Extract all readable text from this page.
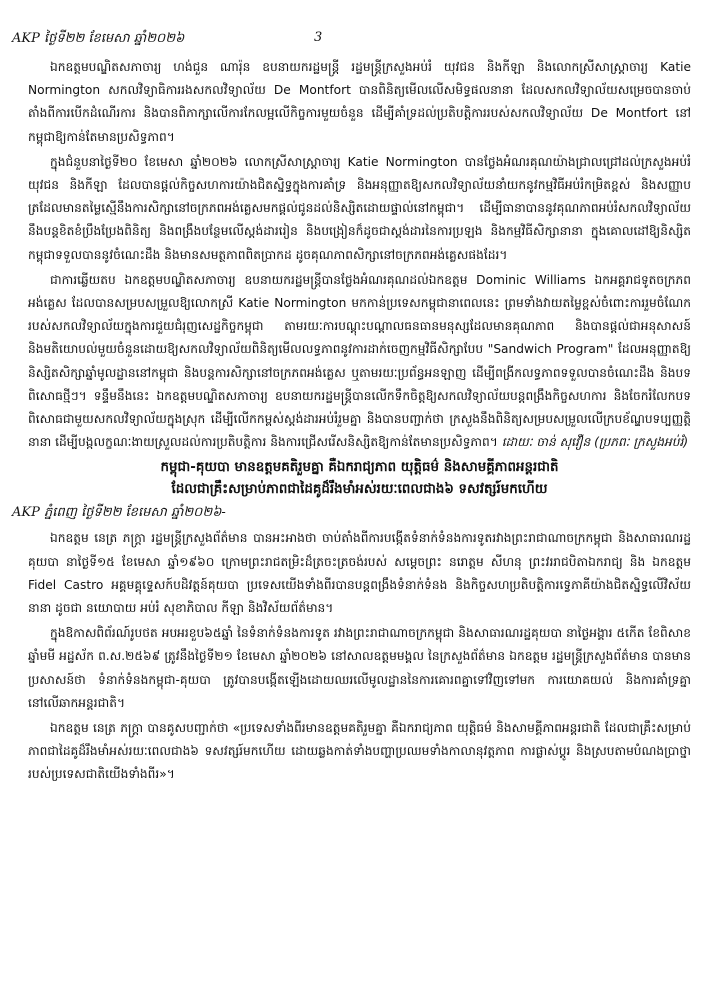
AKP ថ្ងៃទី២២ ខែមេសា ឆ្នាំ២០២៦	3

ឯកឧត្តមបណ្ឌិតសភាចារ្យ ហង់ជួន ណារ៉ុន ឧបនាយករដ្ឋមន្ត្រី រដ្ឋមន្ត្រីក្រសួងអប់រំ យុវជន និងកីឡា និងលោកស្រីសាស្ត្រាចារ្យ Katie Normington សកលវិទ្យាធិការរងសកលវិទ្យាល័យ De Montfort បានពិនិត្យមើលលើសមិទ្ធផលនានា ដែលសកលវិទ្យាល័យសម្រេចបានចាប់តាំងពីការបើកដំណើរការ និងបានពិភាក្សាលើការកែលម្អលើកិច្ចការមួយចំនួន ដើម្បីគាំទ្រដល់ប្រតិបត្តិការរបស់សកលវិទ្យាល័យ De Montfort នៅកម្ពុជាឱ្យកាន់តែមានប្រសិទ្ធភាព។

ក្នុងជំនួបនាថ្ងៃទី២០ ខែមេសា ឆ្នាំ២០២៦ លោកស្រីសាស្ត្រាចារ្យ Katie Normington បានថ្លែងអំណរគុណយ៉ាងជ្រាលជ្រៅដល់ក្រសួងអប់រំ យុវជន និងកីឡា ដែលបានផ្តល់កិច្ចសហការយ៉ាងជិតស្និទ្ធក្នុងការគាំទ្រ និងអនុញ្ញាតឱ្យសកលវិទ្យាល័យនាំយកនូវកម្មវិធីអប់រំកម្រិតខ្ពស់ និងសញ្ញាបត្រដែលមានតម្លៃស្មើនឹងការសិក្សានៅចក្រភពអង់គ្លេសមកផ្តល់ជូនដល់និស្សិតដោយផ្ទាល់នៅកម្ពុជា។ ដើម្បីធានាបាននូវគុណភាពអប់រំសកលវិទ្យាល័យនឹងបន្តខិតខំប្រឹងប្រែងពិនិត្យ និងពង្រឹងបន្ថែមលើស្ដង់ដាររៀន និងបង្រៀនក៏ដូចជាស្តង់ដារនៃការប្រឡង និងកម្មវិធីសិក្សានានា ក្នុងគោលដៅឱ្យនិស្សិតកម្ពុជាទទួលបាននូវចំណេះដឹង និងមានសមត្ថភាពពិតប្រាកដ ដូចគុណភាពសិក្សានៅចក្រភពអង់គ្លេសផងដែរ។

ជាការឆ្លើយតប ឯកឧត្តមបណ្ឌិតសភាចារ្យ ឧបនាយករដ្ឋមន្ត្រីបានថ្លែងអំណរគុណដល់ឯកឧត្តម Dominic Williams ឯកអគ្គរាជទូតចក្រភពអង់គ្លេស ដែលបានសម្របសម្រួលឱ្យលោកស្រី Katie Normington មកកាន់ប្រទេសកម្ពុជានាពេលនេះ ព្រមទាំងវាយតម្លៃខ្ពស់ចំពោះការរួមចំណែករបស់សកលវិទ្យាល័យក្នុងការជួយជំរុញសេដ្ឋកិច្ចកម្ពុជា តាមរយៈការបណ្តុះបណ្តាលធនធានមនុស្សដែលមានគុណភាព និងបានផ្តល់ជាអនុសាសន៍ និងមតិយោបល់មួយចំនួនដោយឱ្យសកលវិទ្យាល័យពិនិត្យមើលលទ្ធភាពនូវការដាក់ចេញកម្មវិធីសិក្សាបែប "Sandwich Program" ដែលអនុញ្ញាតឱ្យនិស្សិតសិក្សាឆ្នាំមូលដ្ឋាននៅកម្ពុជា និងបន្តការសិក្សានៅចក្រភពអង់គ្លេស ឬតាមរយៈប្រព័ន្ធអនឡាញ ដើម្បីពង្រីកលទ្ធភាពទទួលបានចំណេះដឹង និងបទពិសោធថ្មីៗ។ ទន្ទឹមនឹងនេះ ឯកឧត្តមបណ្ឌិតសភាចារ្យ ឧបនាយករដ្ឋមន្ត្រីបានលើកទឹកចិត្តឱ្យសកលវិទ្យាល័យបន្តពង្រឹងកិច្ចសហការ និងចែករំលែកបទពិសោធជាមួយសកលវិទ្យាល័យក្នុងស្រុក ដើម្បីលើកកម្ពស់ស្តង់ដារអប់រំរួមគ្នា និងបានបញ្ជាក់ថា ក្រសួងនឹងពិនិត្យសម្របសម្រួលលើក្របខ័ណ្ឌបទប្បញ្ញត្តិនានា ដើម្បីបង្កលក្ខណៈងាយស្រួលដល់ការប្រតិបត្តិការ និងការជ្រើសរើសនិស្សិតឱ្យកាន់តែមានប្រសិទ្ធភាព។ ដោយៈ ចាន់ សុវឿន (ប្រភពៈ ក្រសួងអប់រំ)

កម្ពុជា-គុយបា មានឧត្តមគតិរួមគ្នា គឺឯករាជ្យភាព យុត្តិធម៌ និងសាមគ្គីភាពអន្តរជាតិ
ដែលជាគ្រឹះសម្រាប់ភាពជាដៃគូដ៏រឹងមាំអស់រយៈពេលជាង៦ ទសវត្សរ៍មកហើយ
AKP ភ្នំពេញ ថ្ងៃទី២២ ខែមេសា ឆ្នាំ២០២៦-

ឯកឧត្តម នេត្រ ភក្ត្រា រដ្ឋមន្ត្រីក្រសួងព័ត៌មាន បានអះអាងថា ចាប់តាំងពីការបង្កើតទំនាក់ទំនងការទូតរវាងព្រះរាជាណាចក្រកម្ពុជា និងសាធារណរដ្ឋគុយបា នាថ្ងៃទី១៥ ខែមេសា ឆ្នាំ១៩៦០ ក្រោមព្រះរាជតម្រិះដ៏ត្រចះត្រចង់របស់ សម្តេចព្រះ នរោត្តម សីហនុ ព្រះវររាជបិតាឯករាជ្យ និង ឯកឧត្តម Fidel Castro អគ្គមគ្គុទ្ទេសក៍បដិវត្តន៍គុយបា ប្រទេសយើងទាំងពីរបានបន្តពង្រឹងទំនាក់ទំនង និងកិច្ចសហប្រតិបត្តិការទ្វេភាគីយ៉ាងជិតស្និទ្ធលើវិស័យនានា ដូចជា នយោបាយ អប់រំ សុខាភិបាល កីឡា និងវិស័យព័ត៌មាន។

ក្នុងឱកាសពិព័រណ៍រូបថត អបអរខួប៦៥ឆ្នាំ នៃទំនាក់ទំនងការទូត រវាងព្រះរាជាណាចក្រកម្ពុជា និងសាធារណរដ្ឋគុយបា នាថ្ងៃអង្គារ ៥កើត ខែពិសាខ ឆ្នាំមមី អដ្ឋស័ក ព.ស.២៥៦៩ ត្រូវនឹងថ្ងៃទី២១ ខែមេសា ឆ្នាំ២០២៦ នៅសាលឧត្តមមង្គល នៃក្រសួងព័ត៌មាន ឯកឧត្តម រដ្ឋមន្ត្រីក្រសួងព័ត៌មាន បានមានប្រសាសន៍ថា ទំនាក់ទំនងកម្ពុជា-គុយបា ត្រូវបានបង្កើតឡើងដោយឈរលើមូលដ្ឋាននៃការគោរពគ្នាទៅវិញទៅមក ការយោគយល់ និងការគាំទ្រគ្នានៅលើឆាកអន្តរជាតិ។

ឯកឧត្តម នេត្រ ភក្ត្រា បានគូសបញ្ជាក់ថា «ប្រទេសទាំងពីរមានឧត្តមគតិរួមគ្នា គឺឯករាជ្យភាព យុត្តិធម៌ និងសាមគ្គីភាពអន្តរជាតិ ដែលជាគ្រឹះសម្រាប់ភាពជាដៃគូដ៏រឹងមាំអស់រយៈពេលជាង៦ ទសវត្សរ៍មកហើយ ដោយឆ្លងកាត់ទាំងបញ្ហាប្រឈមទាំងកាលានុវត្តភាព ការផ្លាស់ប្តូរ និងស្របតាមបំណងប្រាថ្នារបស់ប្រទេសជាតិយើងទាំងពីរ»។
